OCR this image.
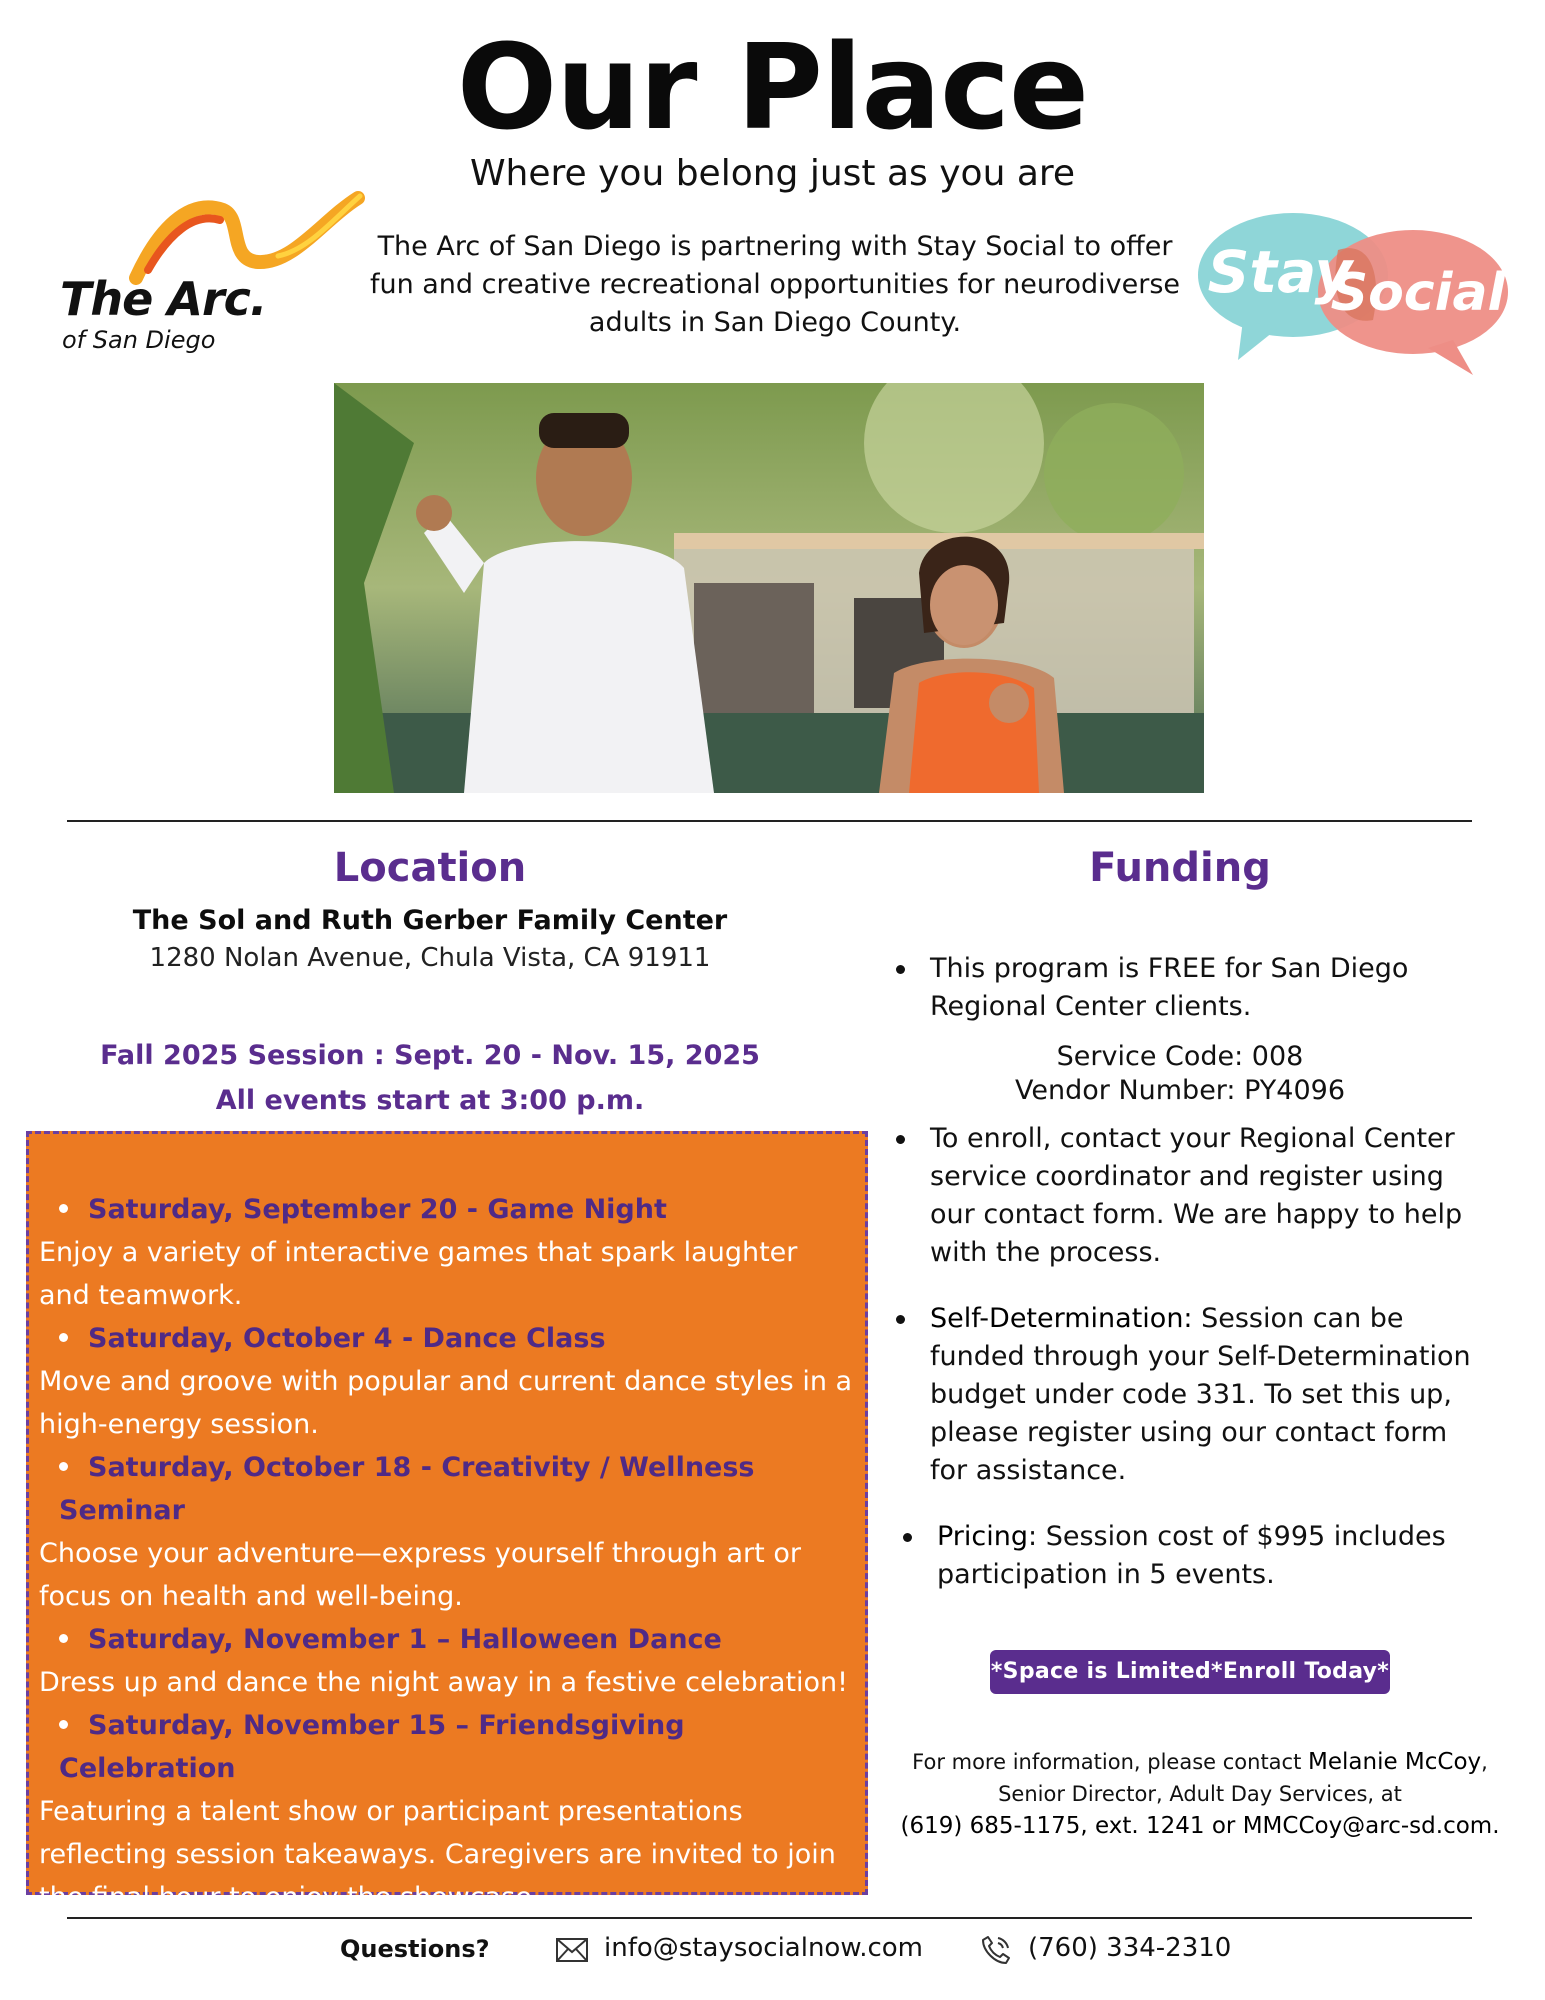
Our Place
Where you belong just as you are
The Arc of San Diego is partnering with Stay Social to offer fun and creative recreational opportunities for neurodiverse adults in San Diego County.
The Arc.
of San Diego
Stay
Social
Location
The Sol and Ruth Gerber Family Center
1280 Nolan Avenue, Chula Vista, CA 91911
Fall 2025 Session : Sept. 20 - Nov. 15, 2025
All events start at 3:00 p.m.
Saturday, September 20 - Game Night
Enjoy a variety of interactive games that spark laughter and teamwork.
Saturday, October 4 - Dance Class
Move and groove with popular and current dance styles in a high-energy session.
Saturday, October 18 - Creativity / Wellness Seminar
Choose your adventure—express yourself through art or focus on health and well-being.
Saturday, November 1 – Halloween Dance
Dress up and dance the night away in a festive celebration!
Saturday, November 15 – Friendsgiving Celebration
Featuring a talent show or participant presentations reflecting session takeaways. Caregivers are invited to join the final hour to enjoy the showcase.
Funding
This program is FREE for San Diego Regional Center clients.
Service Code: 008
Vendor Number: PY4096
To enroll, contact your Regional Center service coordinator and register using our contact form. We are happy to help with the process.
Self-Determination: Session can be funded through your Self-Determination budget under code 331. To set this up, please register using our contact form for assistance.
Pricing: Session cost of $995 includes participation in 5 events.
*Space is Limited*Enroll Today*
For more information, please contact Melanie McCoy,
Senior Director, Adult Day Services, at
(619) 685-1175, ext. 1241 or MMCCoy@arc-sd.com.
Questions?	info@staysocialnow.com	(760) 334-2310
